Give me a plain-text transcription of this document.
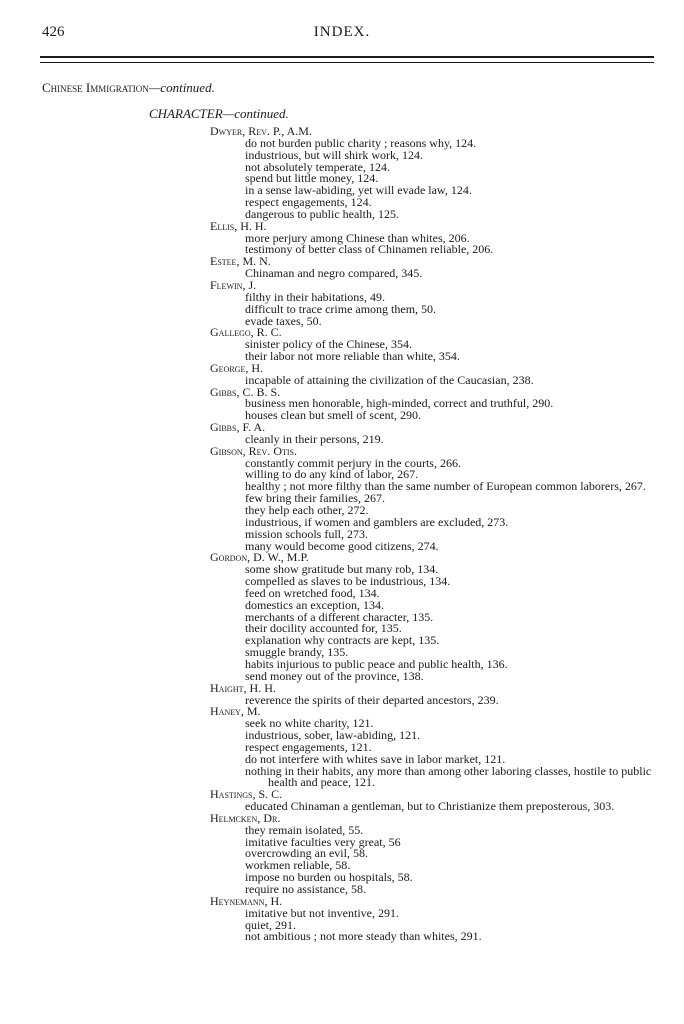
426	INDEX.
Chinese Immigration—continued.
CHARACTER—continued.
Dwyer, Rev. P., A.M.
do not burden public charity ; reasons why, 124.
industrious, but will shirk work, 124.
not absolutely temperate, 124.
spend but little money, 124.
in a sense law-abiding, yet will evade law, 124.
respect engagements, 124.
dangerous to public health, 125.
Ellis, H. H.
more perjury among Chinese than whites, 206.
testimony of better class of Chinamen reliable, 206.
Estee, M. N.
Chinaman and negro compared, 345.
Flewin, J.
filthy in their habitations, 49.
difficult to trace crime among them, 50.
evade taxes, 50.
Gallego, R. C.
sinister policy of the Chinese, 354.
their labor not more reliable than white, 354.
George, H.
incapable of attaining the civilization of the Caucasian, 238.
Gibbs, C. B. S.
business men honorable, high-minded, correct and truthful, 290.
houses clean but smell of scent, 290.
Gibbs, F. A.
cleanly in their persons, 219.
Gibson, Rev. Otis.
constantly commit perjury in the courts, 266.
willing to do any kind of labor, 267.
healthy ; not more filthy than the same number of European common laborers, 267.
few bring their families, 267.
they help each other, 272.
industrious, if women and gamblers are excluded, 273.
mission schools full, 273.
many would become good citizens, 274.
Gordon, D. W., M.P.
some show gratitude but many rob, 134.
compelled as slaves to be industrious, 134.
feed on wretched food, 134.
domestics an exception, 134.
merchants of a different character, 135.
their docility accounted for, 135.
explanation why contracts are kept, 135.
smuggle brandy, 135.
habits injurious to public peace and public health, 136.
send money out of the province, 138.
Haight, H. H.
reverence the spirits of their departed ancestors, 239.
Haney, M.
seek no white charity, 121.
industrious, sober, law-abiding, 121.
respect engagements, 121.
do not interfere with whites save in labor market, 121.
nothing in their habits, any more than among other laboring classes, hostile to public health and peace, 121.
Hastings, S. C.
educated Chinaman a gentleman, but to Christianize them preposterous, 303.
Helmcken, Dr.
they remain isolated, 55.
imitative faculties very great, 56
overcrowding an evil, 58.
workmen reliable, 58.
impose no burden ou hospitals, 58.
require no assistance, 58.
Heynemann, H.
imitative but not inventive, 291.
quiet, 291.
not ambitious ; not more steady than whites, 291.
